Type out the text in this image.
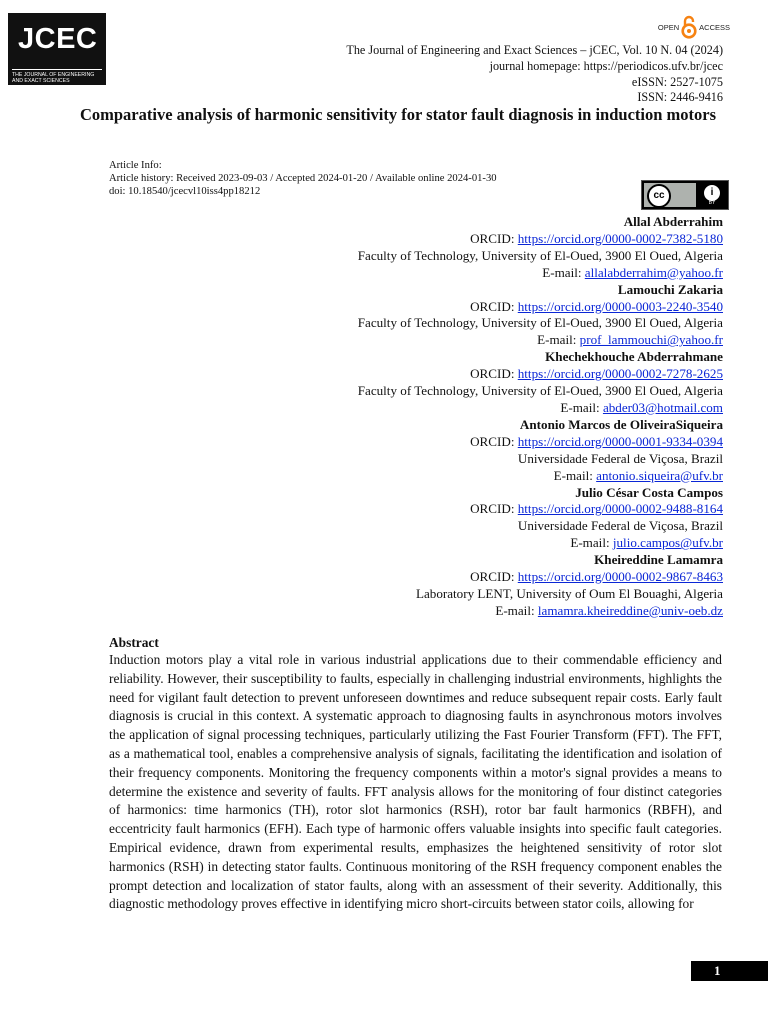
JCEC
THE JOURNAL OF ENGINEERING
AND EXACT SCIENCES
OPEN	ACCESS
The Journal of Engineering and Exact Sciences – jCEC, Vol. 10 N. 04 (2024)
journal homepage: https://periodicos.ufv.br/jcec
eISSN: 2527-1075
ISSN: 2446-9416
Comparative analysis of harmonic sensitivity for stator fault diagnosis in induction motors
Article Info:
Article history: Received 2023-09-03 / Accepted 2024-01-20 / Available online 2024-01-30
doi: 10.18540/jcecvl10iss4pp18212	cc	i
BY
Allal Abderrahim
ORCID: https://orcid.org/0000-0002-7382-5180
Faculty of Technology, University of El-Oued, 3900 El Oued, Algeria
E-mail: allalabderrahim@yahoo.fr
Lamouchi Zakaria
ORCID: https://orcid.org/0000-0003-2240-3540
Faculty of Technology, University of El-Oued, 3900 El Oued, Algeria
E-mail: prof_lammouchi@yahoo.fr
Khechekhouche Abderrahmane
ORCID: https://orcid.org/0000-0002-7278-2625
Faculty of Technology, University of El-Oued, 3900 El Oued, Algeria
E-mail: abder03@hotmail.com
Antonio Marcos de OliveiraSiqueira
ORCID: https://orcid.org/0000-0001-9334-0394
Universidade Federal de Viçosa, Brazil
E-mail: antonio.siqueira@ufv.br
Julio César Costa Campos
ORCID: https://orcid.org/0000-0002-9488-8164
Universidade Federal de Viçosa, Brazil
E-mail: julio.campos@ufv.br
Kheireddine Lamamra
ORCID: https://orcid.org/0000-0002-9867-8463
Laboratory LENT, University of Oum El Bouaghi, Algeria
E-mail: lamamra.kheireddine@univ-oeb.dz
Abstract

Induction motors play a vital role in various industrial applications due to their commendable efficiency and reliability. However, their susceptibility to faults, especially in challenging industrial environments, highlights the need for vigilant fault detection to prevent unforeseen downtimes and reduce subsequent repair costs. Early fault diagnosis is crucial in this context. A systematic approach to diagnosing faults in asynchronous motors involves the application of signal processing techniques, particularly utilizing the Fast Fourier Transform (FFT). The FFT, as a mathematical tool, enables a comprehensive analysis of signals, facilitating the identification and isolation of their frequency components. Monitoring the frequency components within a motor's signal provides a means to determine the existence and severity of faults. FFT analysis allows for the monitoring of four distinct categories of harmonics: time harmonics (TH), rotor slot harmonics (RSH), rotor bar fault harmonics (RBFH), and eccentricity fault harmonics (EFH). Each type of harmonic offers valuable insights into specific fault categories. Empirical evidence, drawn from experimental results, emphasizes the heightened sensitivity of rotor slot harmonics (RSH) in detecting stator faults. Continuous monitoring of the RSH frequency component enables the prompt detection and localization of stator faults, along with an assessment of their severity. Additionally, this diagnostic methodology proves effective in identifying micro short-circuits between stator coils, allowing for

1
